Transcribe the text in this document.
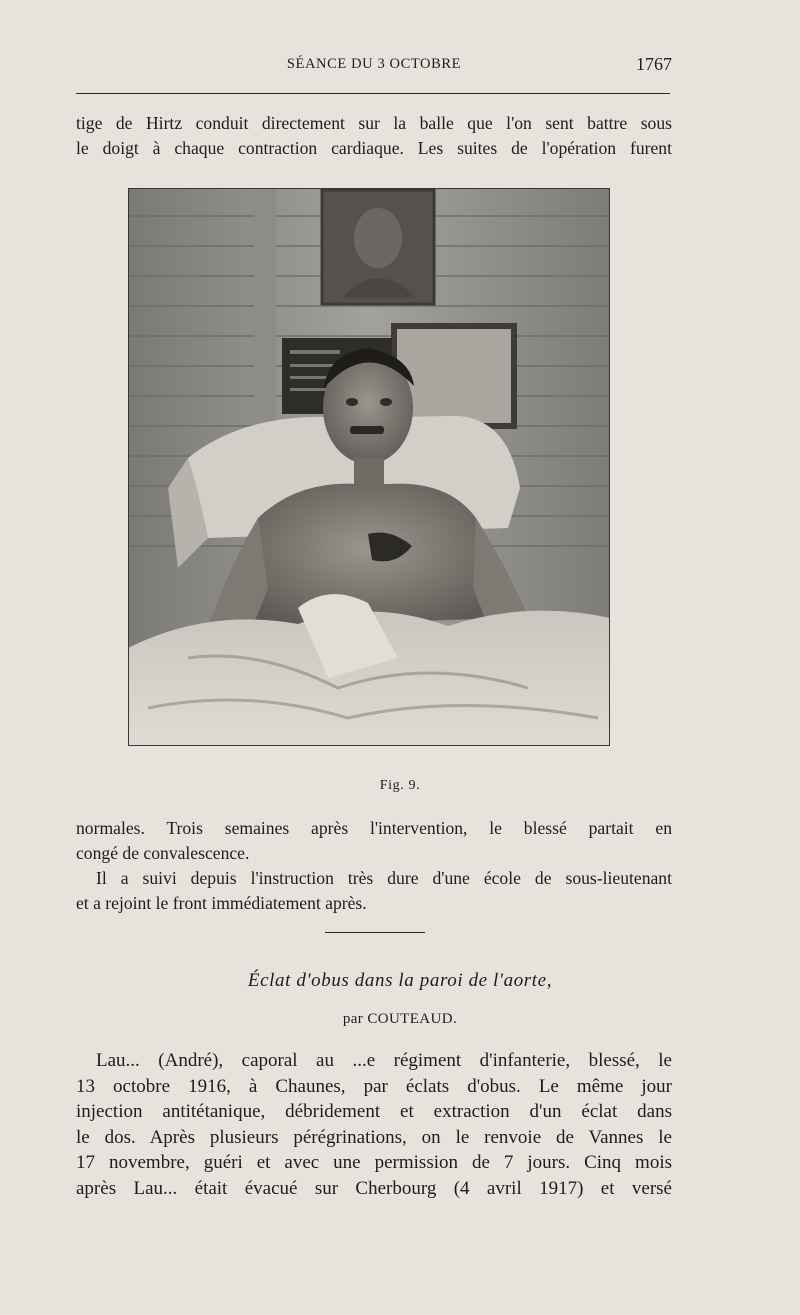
SÉANCE DU 3 OCTOBRE	1767

tige de Hirtz conduit directement sur la balle que l'on sent battre sous

le doigt à chaque contraction cardiaque. Les suites de l'opération furent

Fig. 9.

normales. Trois semaines après l'intervention, le blessé partait en

congé de convalescence.

Il a suivi depuis l'instruction très dure d'une école de sous-lieutenant

et a rejoint le front immédiatement après.

Éclat d'obus dans la paroi de l'aorte,
par COUTEAUD.

Lau... (André), caporal au ...e régiment d'infanterie, blessé, le

13 octobre 1916, à Chaunes, par éclats d'obus. Le même jour

injection antitétanique, débridement et extraction d'un éclat dans

le dos. Après plusieurs pérégrinations, on le renvoie de Vannes le

17 novembre, guéri et avec une permission de 7 jours. Cinq mois

après Lau... était évacué sur Cherbourg (4 avril 1917) et versé
